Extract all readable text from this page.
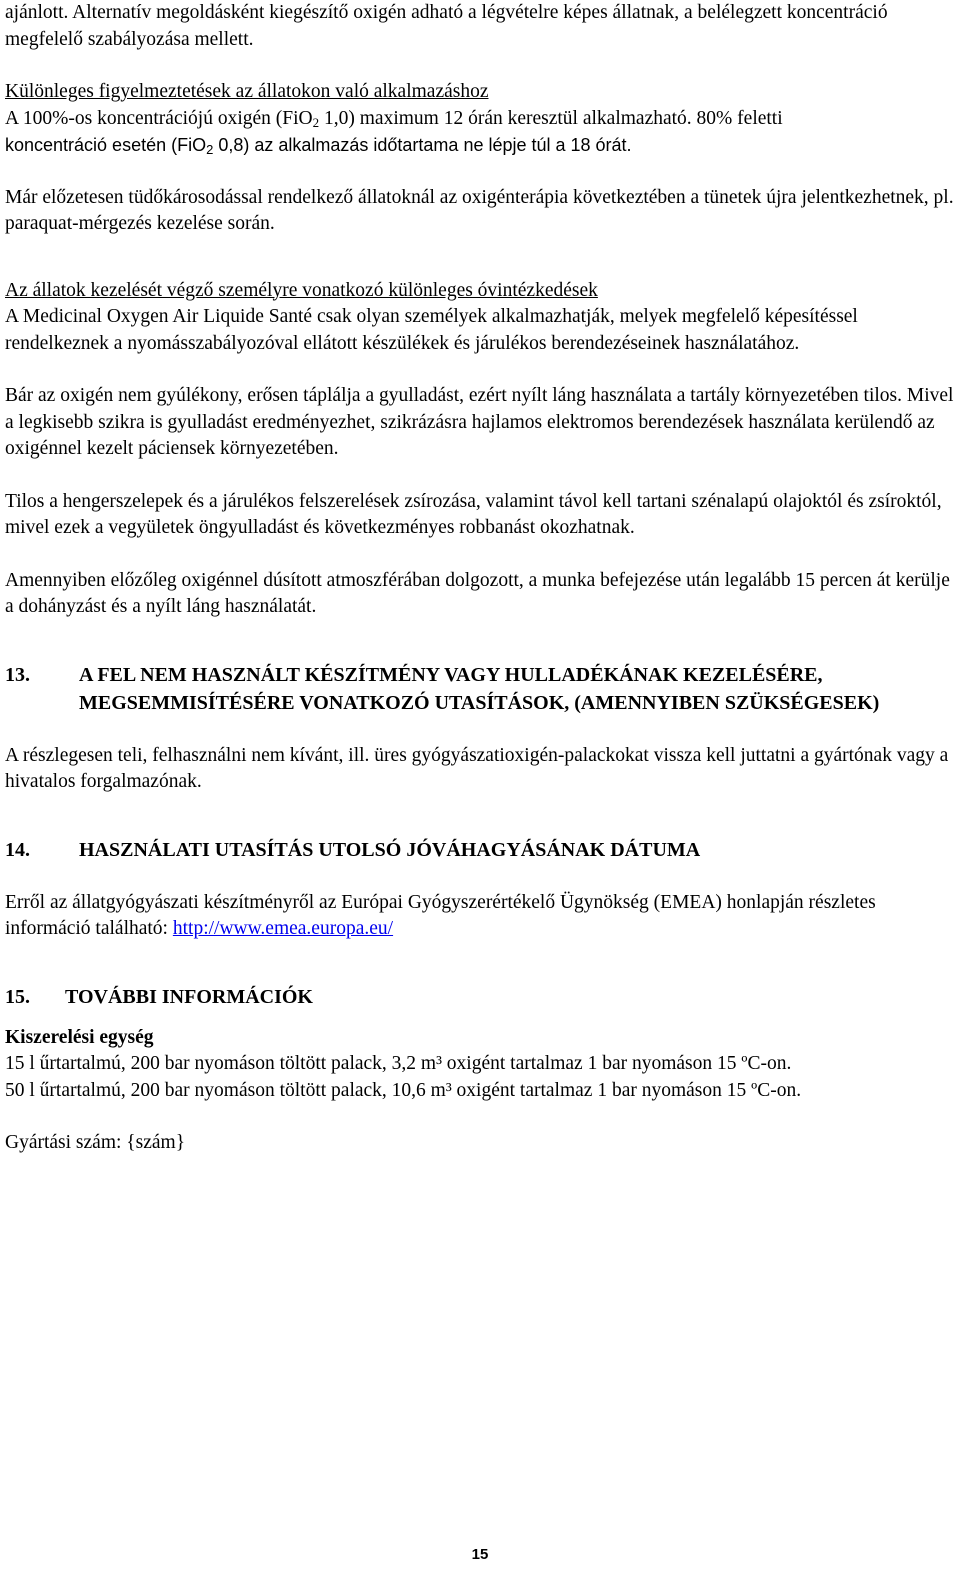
ajánlott. Alternatív megoldásként kiegészítő oxigén adható a légvételre képes állatnak, a belélegzett koncentráció megfelelő szabályozása mellett.

Különleges figyelmeztetések az állatokon való alkalmazáshoz

A 100%-os koncentrációjú oxigén (FiO$_2$ 1,0) maximum 12 órán keresztül alkalmazható. 80% feletti

koncentráció esetén (FiO$_2$ 0,8) az alkalmazás időtartama ne lépje túl a 18 órát.

Már előzetesen tüdőkárosodással rendelkező állatoknál az oxigénterápia következtében a tünetek újra jelentkezhetnek, pl. paraquat-mérgezés kezelése során.

Az állatok kezelését végző személyre vonatkozó különleges óvintézkedések

A Medicinal Oxygen Air Liquide Santé csak olyan személyek alkalmazhatják, melyek megfelelő képesítéssel rendelkeznek a nyomásszabályozóval ellátott készülékek és járulékos berendezéseinek használatához.

Bár az oxigén nem gyúlékony, erősen táplálja a gyulladást, ezért nyílt láng használata a tartály környezetében tilos. Mivel a legkisebb szikra is gyulladást eredményezhet, szikrázásra hajlamos elektromos berendezések használata kerülendő az oxigénnel kezelt páciensek környezetében.

Tilos a hengerszelepek és a járulékos felszerelések zsírozása, valamint távol kell tartani szénalapú olajoktól és zsíroktól, mivel ezek a vegyületek öngyulladást és következményes robbanást okozhatnak.

Amennyiben előzőleg oxigénnel dúsított atmoszférában dolgozott, a munka befejezése után legalább 15 percen át kerülje a dohányzást és a nyílt láng használatát.

13.	A FEL NEM HASZNÁLT KÉSZÍTMÉNY VAGY HULLADÉKÁNAK KEZELÉSÉRE, MEGSEMMISÍTÉSÉRE VONATKOZÓ UTASÍTÁSOK, (AMENNYIBEN SZÜKSÉGESEK)

A részlegesen teli, felhasználni nem kívánt, ill. üres gyógyászatioxigén-palackokat vissza kell juttatni a gyártónak vagy a hivatalos forgalmazónak.

14.	HASZNÁLATI UTASÍTÁS UTOLSÓ JÓVÁHAGYÁSÁNAK DÁTUMA

Erről az állatgyógyászati készítményről az Európai Gyógyszerértékelő Ügynökség (EMEA) honlapján részletes információ található: http://www.emea.europa.eu/

15.	TOVÁBBI INFORMÁCIÓK

Kiszerelési egység

15 l űrtartalmú, 200 bar nyomáson töltött palack, 3,2 m³ oxigént tartalmaz 1 bar nyomáson 15 ºC-on.

50 l űrtartalmú, 200 bar nyomáson töltött palack, 10,6 m³ oxigént tartalmaz 1 bar nyomáson 15 ºC-on.

Gyártási szám: {szám}

15
